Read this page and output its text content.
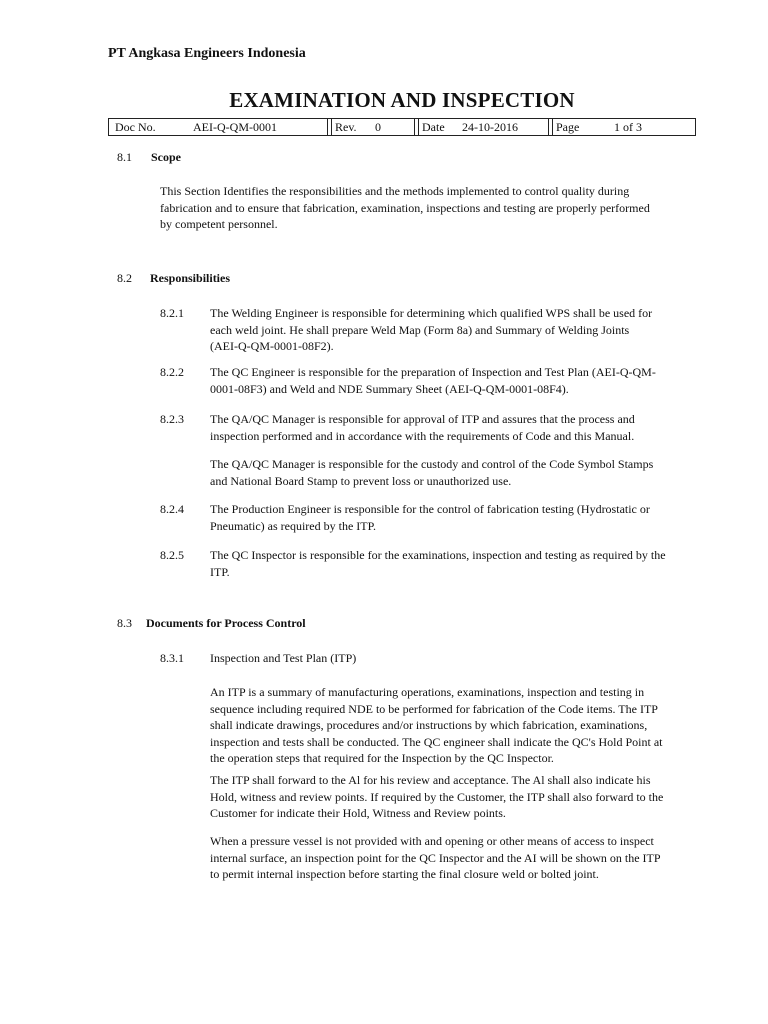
PT Angkasa Engineers Indonesia
EXAMINATION AND INSPECTION
Doc No.	AEI-Q-QM-0001	Rev. 0	Date 24-10-2016	Page	1 of 3
8.1 Scope
This Section Identifies the responsibilities and the methods implemented to control quality during
fabrication and to ensure that fabrication, examination, inspections and testing are properly performed
by competent personnel.
8.2 Responsibilities
8.2.1 The Welding Engineer is responsible for determining which qualified WPS shall be used for
each weld joint. He shall prepare Weld Map (Form 8a) and Summary of Welding Joints
(AEI-Q-QM-0001-08F2).
8.2.2 The QC Engineer is responsible for the preparation of Inspection and Test Plan (AEI-Q-QM-
0001-08F3) and Weld and NDE Summary Sheet (AEI-Q-QM-0001-08F4).
8.2.3 The QA/QC Manager is responsible for approval of ITP and assures that the process and
inspection performed and in accordance with the requirements of Code and this Manual.
The QA/QC Manager is responsible for the custody and control of the Code Symbol Stamps
and National Board Stamp to prevent loss or unauthorized use.
8.2.4 The Production Engineer is responsible for the control of fabrication testing (Hydrostatic or
Pneumatic) as required by the ITP.
8.2.5 The QC Inspector is responsible for the examinations, inspection and testing as required by the
ITP.
8.3 Documents for Process Control
8.3.1 Inspection and Test Plan (ITP)
An ITP is a summary of manufacturing operations, examinations, inspection and testing in
sequence including required NDE to be performed for fabrication of the Code items. The ITP
shall indicate drawings, procedures and/or instructions by which fabrication, examinations,
inspection and tests shall be conducted. The QC engineer shall indicate the QC's Hold Point at
the operation steps that required for the Inspection by the QC Inspector.
The ITP shall forward to the Al for his review and acceptance. The Al shall also indicate his
Hold, witness and review points. If required by the Customer, the ITP shall also forward to the
Customer for indicate their Hold, Witness and Review points.
When a pressure vessel is not provided with and opening or other means of access to inspect
internal surface, an inspection point for the QC Inspector and the AI will be shown on the ITP
to permit internal inspection before starting the final closure weld or bolted joint.
